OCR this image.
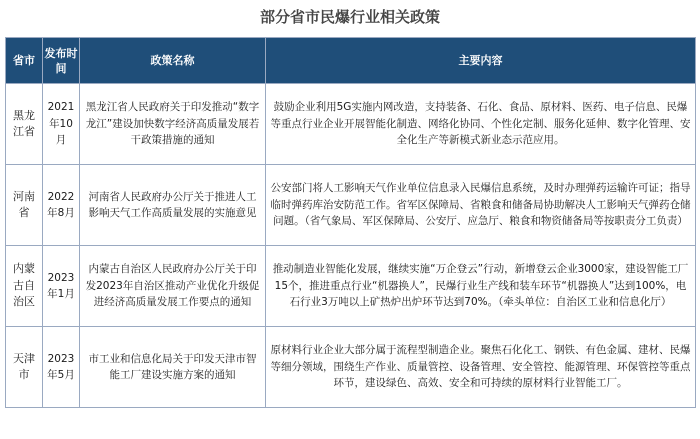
部分省市民爆行业相关政策
省市	发布时间	政策名称	主要内容
黑龙江省	2021年10月	黑龙江省人民政府关于印发推动“数字龙江”建设加快数字经济高质量发展若干政策措施的通知	鼓励企业利用5G实施内网改造，支持装备、石化、食品、原材料、医药、电子信息、民爆等重点行业企业开展智能化制造、网络化协同、个性化定制、服务化延伸、数字化管理、安全化生产等新模式新业态示范应用。
河南省	2022年8月	河南省人民政府办公厅关于推进人工影响天气工作高质量发展的实施意见	公安部门将人工影响天气作业单位信息录入民爆信息系统，及时办理弹药运输许可证；指导临时弹药库治安防范工作。省军区保障局、省粮食和储备局协助解决人工影响天气弹药仓储问题。（省气象局、军区保障局、公安厅、应急厅、粮食和物资储备局等按职责分工负责）
内蒙古自治区	2023年1月	内蒙古自治区人民政府办公厅关于印发2023年自治区推动产业优化升级促进经济高质量发展工作要点的通知	推动制造业智能化发展，继续实施“万企登云”行动，新增登云企业3000家，建设智能工厂15个，推进重点行业“机器换人”，民爆行业生产线和装车环节“机器换人”达到100%，电石行业3万吨以上矿热炉出炉环节达到70%。（牵头单位：自治区工业和信息化厅）
天津市	2023年5月	市工业和信息化局关于印发天津市智能工厂建设实施方案的通知	原材料行业企业大部分属于流程型制造企业。聚焦石化化工、钢铁、有色金属、建材、民爆等细分领域，围绕生产作业、质量管控、设备管理、安全管控、能源管理、环保管控等重点环节，建设绿色、高效、安全和可持续的原材料行业智能工厂。
